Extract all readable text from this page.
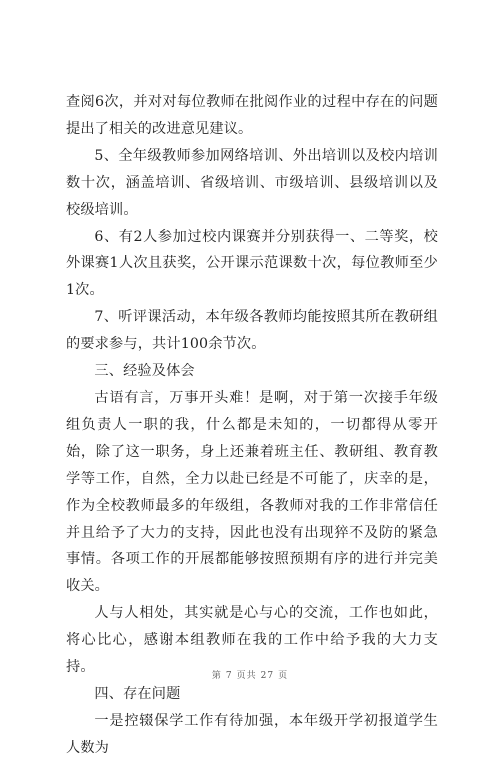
查阅6次，并对对每位教师在批阅作业的过程中存在的问题提出了相关的改进意见建议。

5、全年级教师参加网络培训、外出培训以及校内培训数十次，涵盖培训、省级培训、市级培训、县级培训以及校级培训。

6、有2人参加过校内课赛并分别获得一、二等奖，校外课赛1人次且获奖，公开课示范课数十次，每位教师至少1次。

7、听评课活动，本年级各教师均能按照其所在教研组的要求参与，共计100余节次。

三、经验及体会

古语有言，万事开头难！是啊，对于第一次接手年级组负责人一职的我，什么都是未知的，一切都得从零开始，除了这一职务，身上还兼着班主任、教研组、教育教学等工作，自然，全力以赴已经是不可能了，庆幸的是，作为全校教师最多的年级组，各教师对我的工作非常信任并且给予了大力的支持，因此也没有出现猝不及防的紧急事情。各项工作的开展都能够按照预期有序的进行并完美收关。

人与人相处，其实就是心与心的交流，工作也如此，将心比心，感谢本组教师在我的工作中给予我的大力支持。

四、存在问题

一是控辍保学工作有待加强，本年级开学初报道学生人数为

第 7 页共 27 页
